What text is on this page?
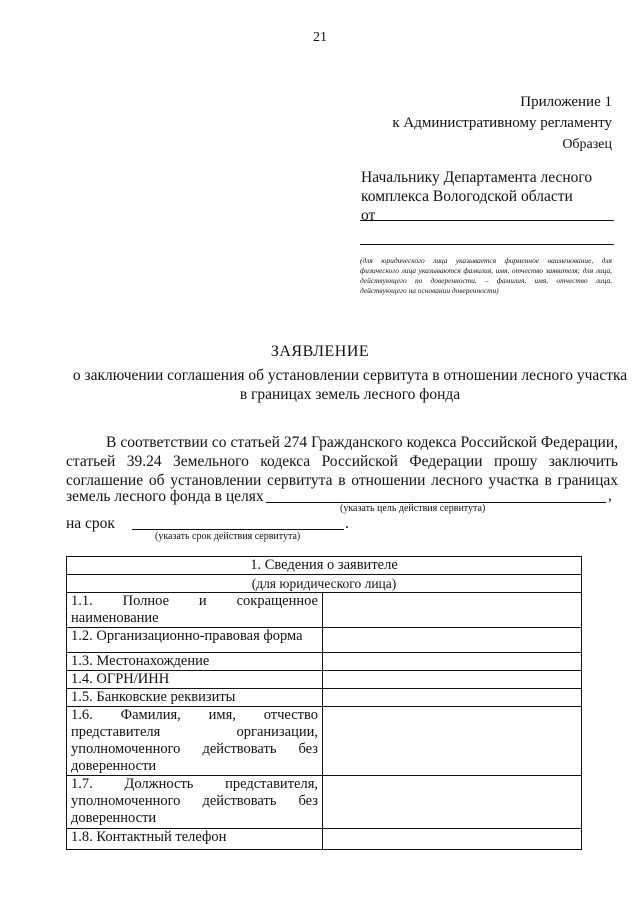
21
Приложение 1
к Административному регламенту
Образец
Начальнику Департамента лесного
комплекса Вологодской области
от
(для юридического лица указывается фирменное наименование, для физического лица указываются фамилия, имя, отчество заявителя; для лица, действующего по доверенности, – фамилия, имя, отчество лица, действующего на основании доверенности)
ЗАЯВЛЕНИЕ
о заключении соглашения об установлении сервитута в отношении лесного участка
в границах земель лесного фонда
В соответствии со статьей 274 Гражданского кодекса Российской Федерации, статьей 39.24 Земельного кодекса Российской Федерации прошу заключить соглашение об установлении сервитута в отношении лесного участка в границах
земель лесного фонда в целях	,
(указать цель действия сервитута)
на срок	.
(указать срок действия сервитута)
1. Сведения о заявителе	
(для юридического лица)	
1.1. Полное и сокращенное наименование	
1.2. Организационно-правовая форма	
1.3. Местонахождение	
1.4. ОГРН/ИНН	
1.5. Банковские реквизиты	
1.6. Фамилия, имя, отчество представителя организации, уполномоченного действовать без доверенности	
1.7. Должность представителя, уполномоченного действовать без доверенности	
1.8. Контактный телефон	
